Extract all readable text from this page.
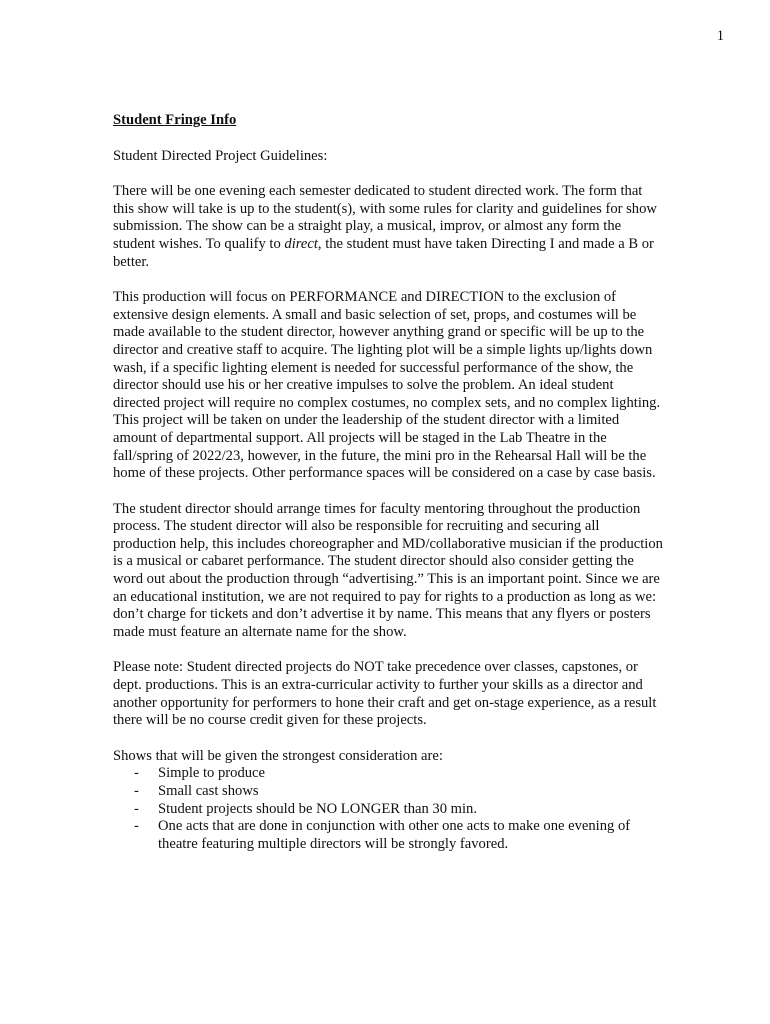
1
Student Fringe Info
Student Directed Project Guidelines:

There will be one evening each semester dedicated to student directed work. The form that this show will take is up to the student(s), with some rules for clarity and guidelines for show submission. The show can be a straight play, a musical, improv, or almost any form the student wishes. To qualify to direct, the student must have taken Directing I and made a B or better.

This production will focus on PERFORMANCE and DIRECTION to the exclusion of extensive design elements. A small and basic selection of set, props, and costumes will be made available to the student director, however anything grand or specific will be up to the director and creative staff to acquire. The lighting plot will be a simple lights up/lights down wash, if a specific lighting element is needed for successful performance of the show, the director should use his or her creative impulses to solve the problem. An ideal student directed project will require no complex costumes, no complex sets, and no complex lighting. This project will be taken on under the leadership of the student director with a limited amount of departmental support. All projects will be staged in the Lab Theatre in the fall/spring of 2022/23, however, in the future, the mini pro in the Rehearsal Hall will be the home of these projects. Other performance spaces will be considered on a case by case basis.

The student director should arrange times for faculty mentoring throughout the production process. The student director will also be responsible for recruiting and securing all production help, this includes choreographer and MD/collaborative musician if the production is a musical or cabaret performance. The student director should also consider getting the word out about the production through “advertising.” This is an important point. Since we are an educational institution, we are not required to pay for rights to a production as long as we: don’t charge for tickets and don’t advertise it by name. This means that any flyers or posters made must feature an alternate name for the show.

Please note: Student directed projects do NOT take precedence over classes, capstones, or dept. productions. This is an extra-curricular activity to further your skills as a director and another opportunity for performers to hone their craft and get on-stage experience, as a result there will be no course credit given for these projects.

Shows that will be given the strongest consideration are:
- Simple to produce
- Small cast shows
- Student projects should be NO LONGER than 30 min.
- One acts that are done in conjunction with other one acts to make one evening of theatre featuring multiple directors will be strongly favored.
